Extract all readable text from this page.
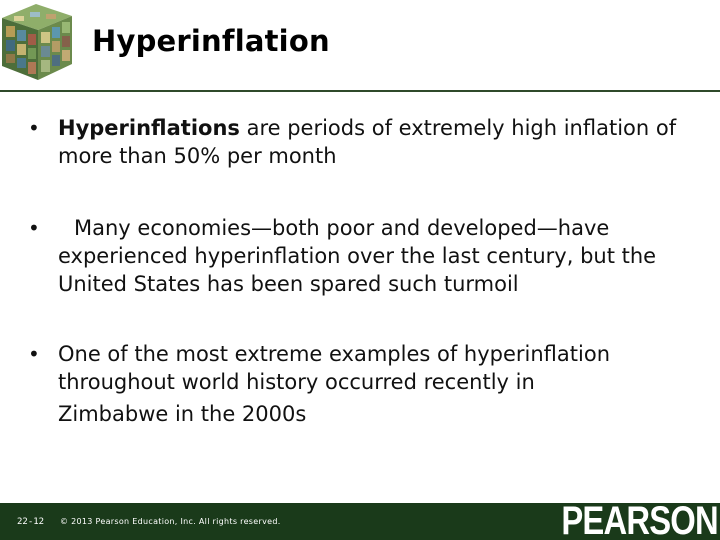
Hyperinflation
• Hyperinflations are periods of extremely high inflation of more than 50% per month
•	Many economies—both poor and developed—have experienced hyperinflation over the last century, but the United States has been spared such turmoil
• One of the most extreme examples of hyperinflation throughout world history occurred recently in
Zimbabwe in the 2000s
22-12 © 2013 Pearson Education, Inc. All rights reserved.	PEARSON
